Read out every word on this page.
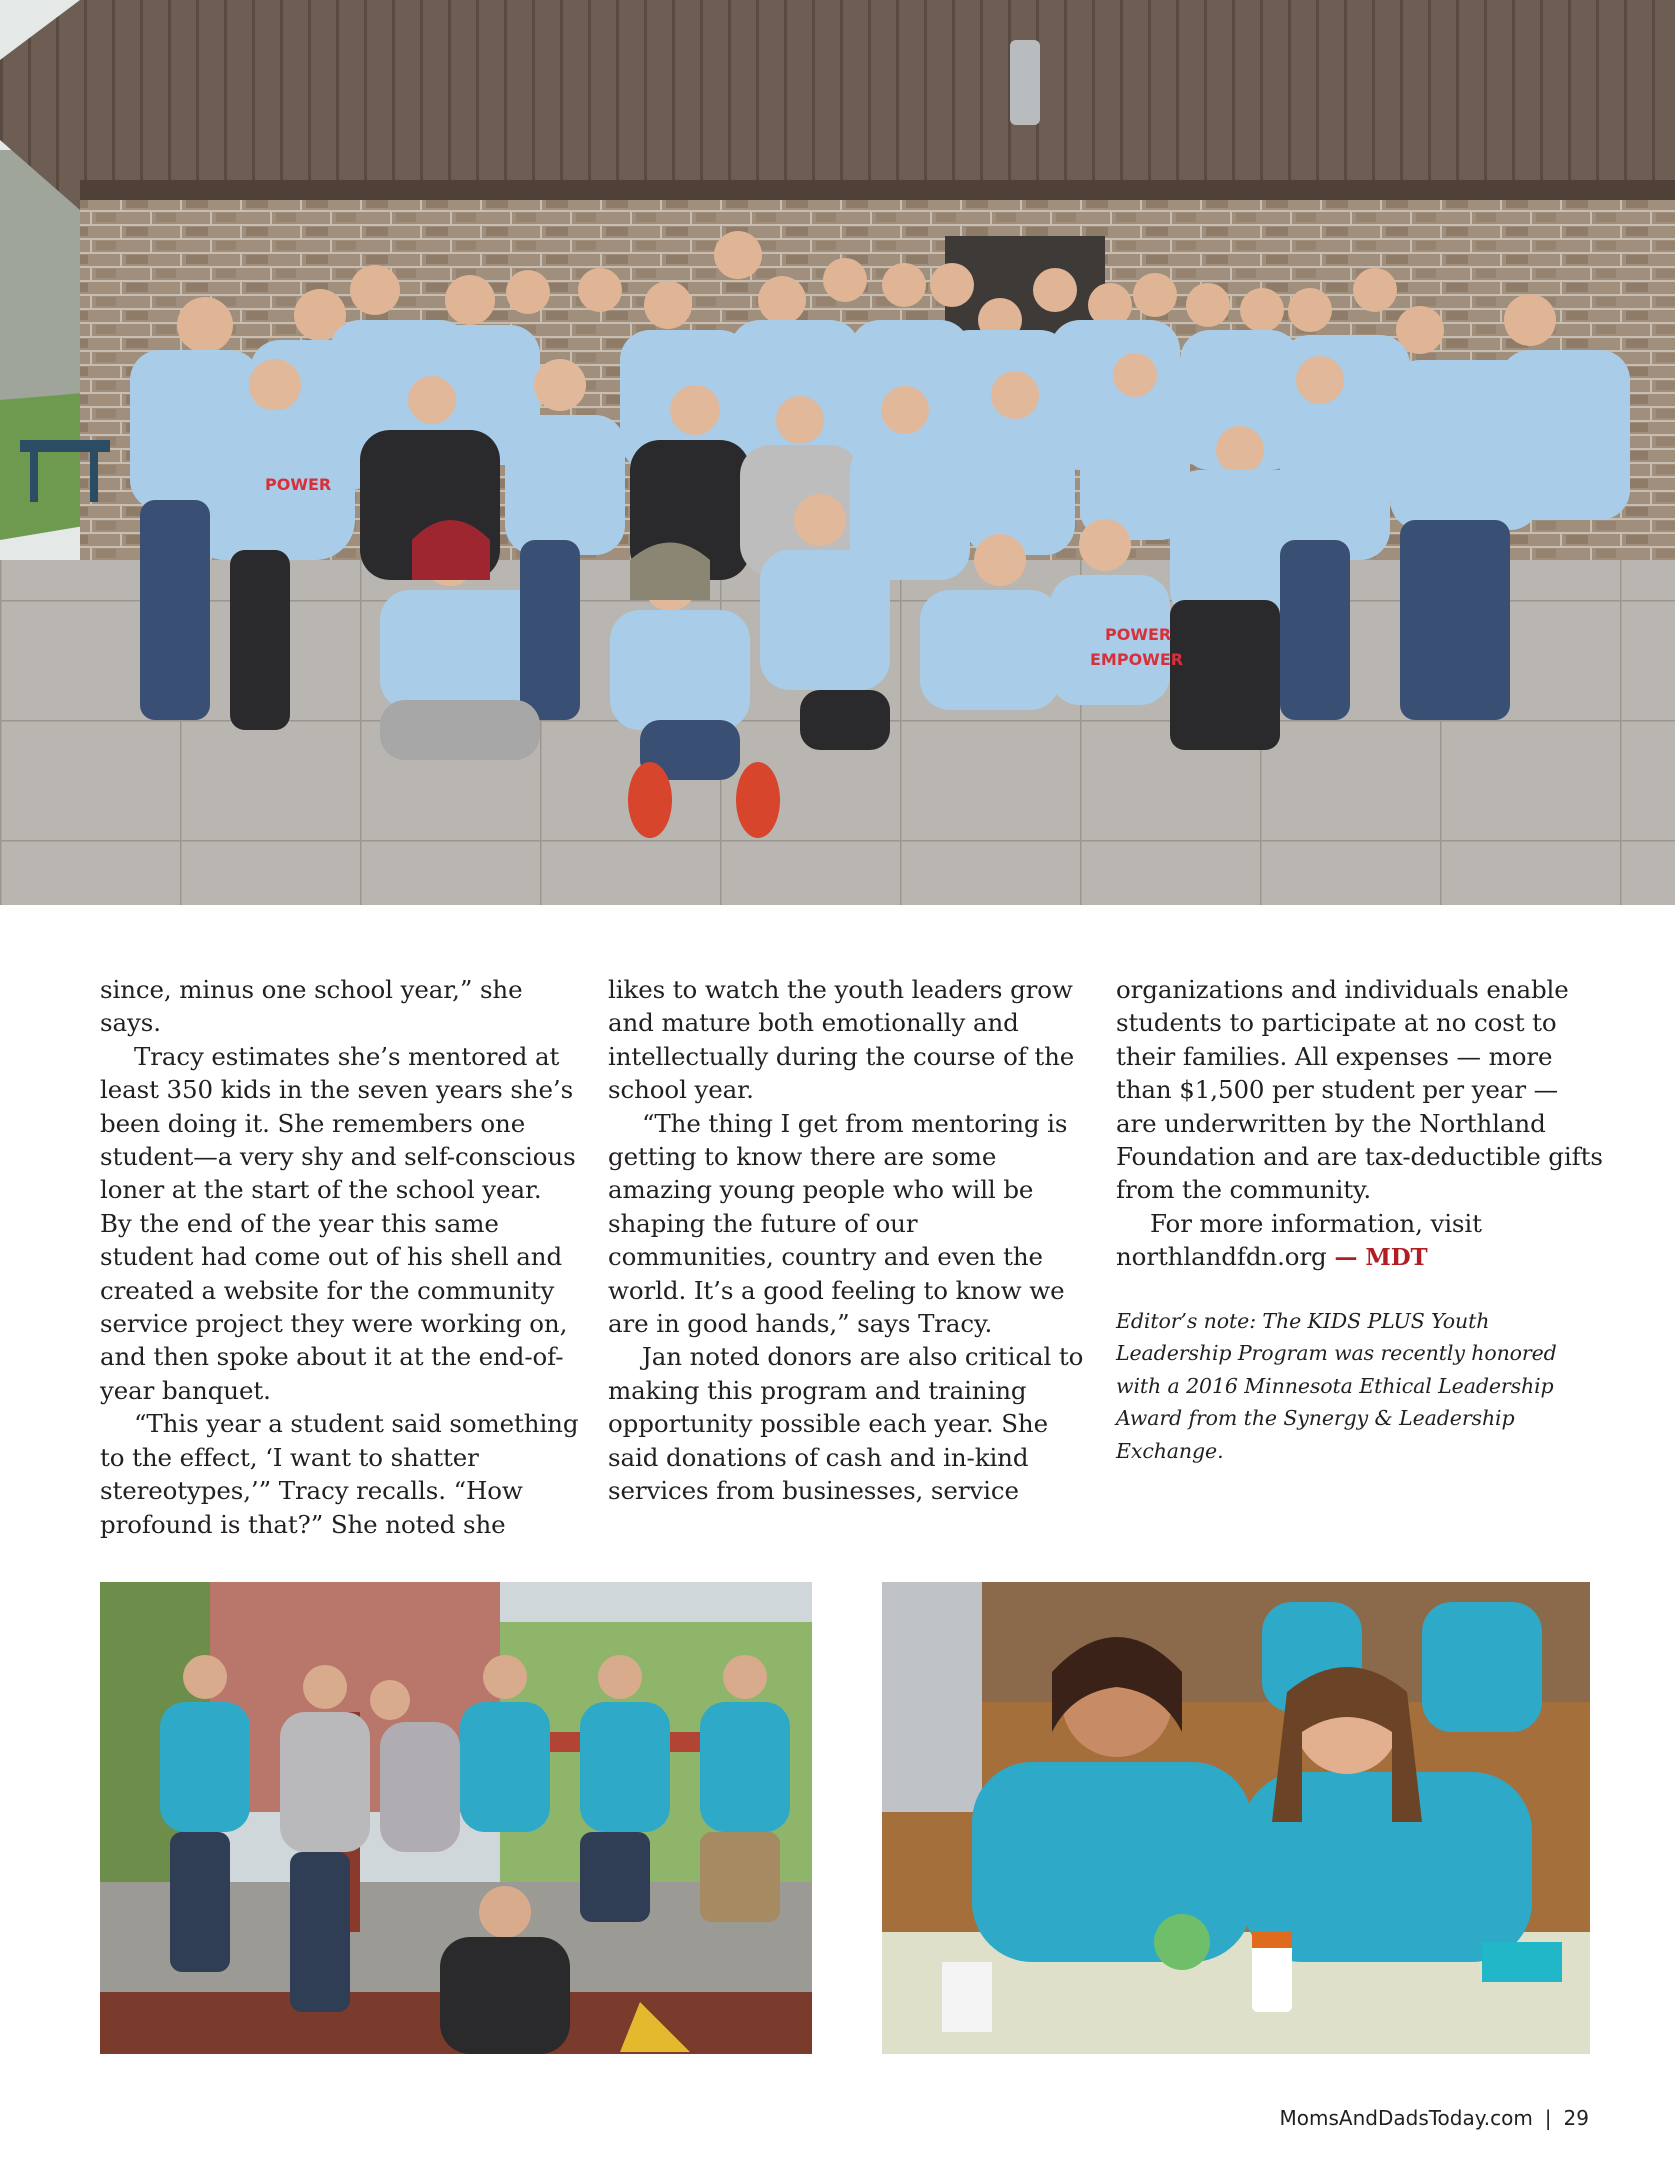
POWER
POWER
EMPOWER

since, minus one school year,” she says.

Tracy estimates she’s mentored at least 350 kids in the seven years she’s been doing it. She remembers one student—a very shy and self-conscious loner at the start of the school year. By the end of the year this same student had come out of his shell and created a website for the community service project they were working on, and then spoke about it at the end-of-year banquet.

“This year a student said something to the effect, ‘I want to shatter stereotypes,’” Tracy recalls. “How profound is that?” She noted she

likes to watch the youth leaders grow and mature both emotionally and intellectually during the course of the school year.

“The thing I get from mentoring is getting to know there are some amazing young people who will be shaping the future of our communities, country and even the world. It’s a good feeling to know we are in good hands,” says Tracy.

Jan noted donors are also critical to making this program and training opportunity possible each year. She said donations of cash and in-kind services from businesses, service

organizations and individuals enable students to participate at no cost to their families. All expenses — more than $1,500 per student per year — are underwritten by the Northland Foundation and are tax-deductible gifts from the community.

For more information, visit northlandfdn.org — MDT

Editor’s note: The KIDS PLUS Youth Leadership Program was recently honored with a 2016 Minnesota Ethical Leadership Award from the Synergy & Leadership Exchange.

MomsAndDadsToday.com | 29
